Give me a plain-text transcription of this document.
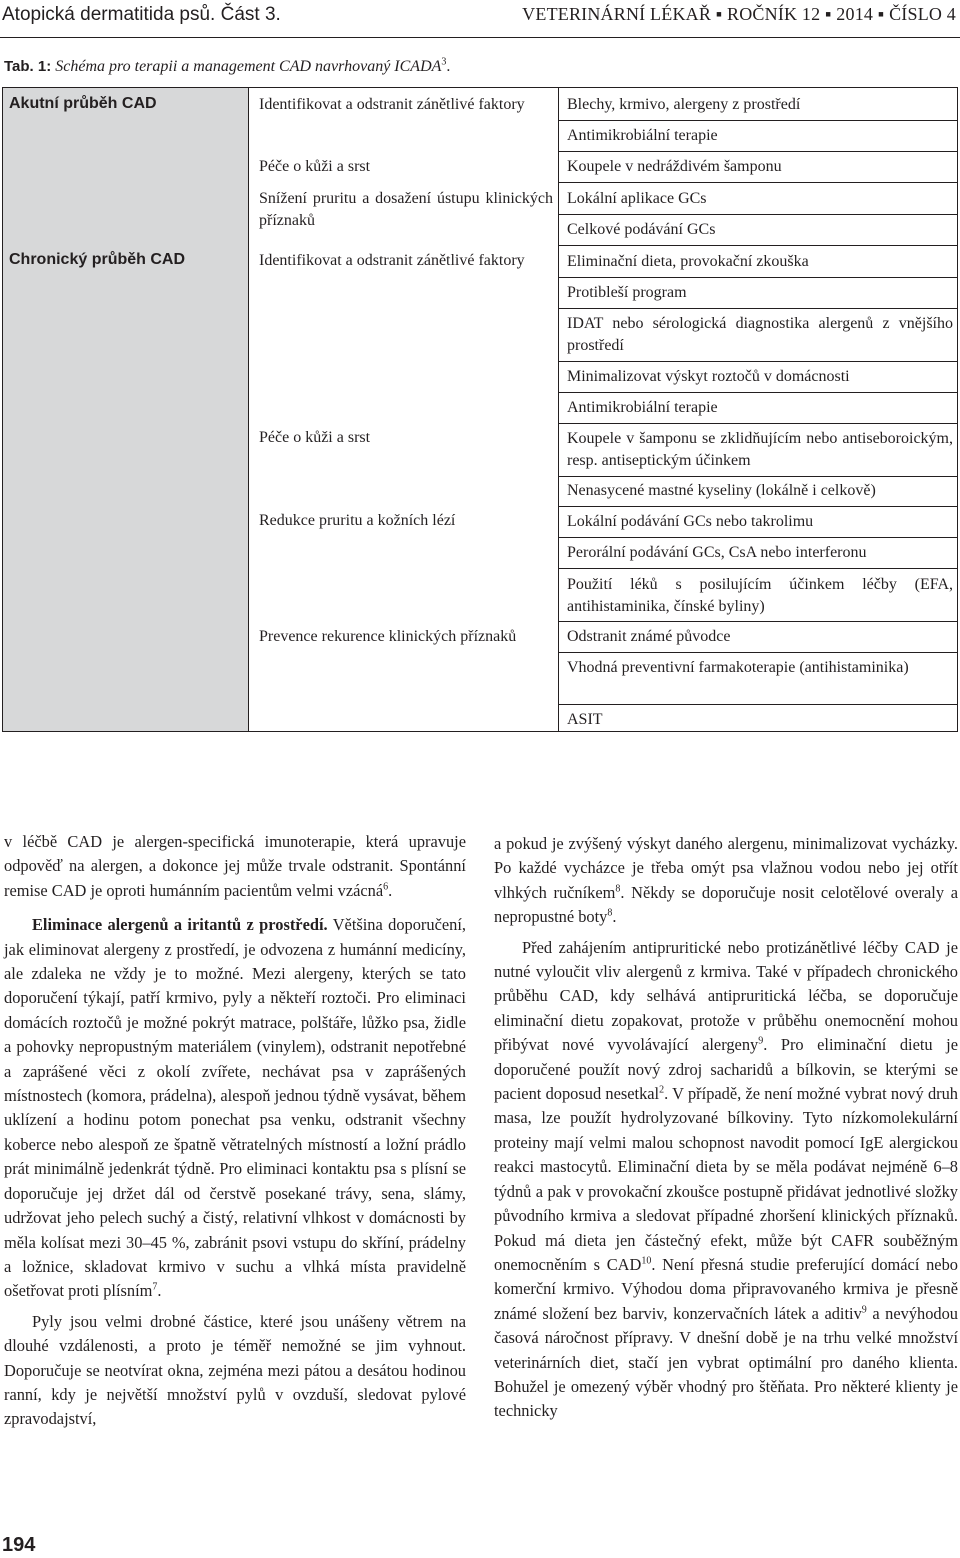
Atopická dermatitida psů. Část 3.	VETERINÁRNÍ LÉKAŘ ▪ ROČNÍK 12 ▪ 2014 ▪ ČÍSLO 4
Tab. 1: Schéma pro terapii a management CAD navrhovaný ICADA$^3$.
Akutní průběh CAD
Chronický průběh CAD
Identifikovat a odstranit zánětlivé faktory
Péče o kůži a srst
Snížení pruritu a dosažení ústupu klinických příznaků
Identifikovat a odstranit zánětlivé faktory
Péče o kůži a srst
Redukce pruritu a kožních lézí
Prevence rekurence klinických příznaků
Blechy, krmivo, alergeny z prostředí
Antimikrobiální terapie
Koupele v nedráždivém šamponu
Lokální aplikace GCs
Celkové podávání GCs
Eliminační dieta, provokační zkouška
Protibleší program
IDAT nebo sérologická diagnostika alergenů z vnějšího prostředí
Minimalizovat výskyt roztočů v domácnosti
Antimikrobiální terapie
Koupele v šamponu se zklidňujícím nebo antiseboroickým, resp. antiseptickým účinkem
Nenasycené mastné kyseliny (lokálně i celkově)
Lokální podávání GCs nebo takrolimu
Perorální podávání GCs, CsA nebo interferonu
Použití léků s posilujícím účinkem léčby (EFA, antihistaminika, čínské byliny)
Odstranit známé původce
Vhodná preventivní farmakoterapie (antihistaminika)
ASIT

v léčbě CAD je alergen-specifická imunoterapie, která upravuje odpověď na alergen, a dokonce jej může trvale odstranit. Spontánní remise CAD je oproti humánním pacientům velmi vzácná$^6$.

Eliminace alergenů a iritantů z prostředí. Většina doporučení, jak eliminovat alergeny z prostředí, je odvozena z humánní medicíny, ale zdaleka ne vždy je to možné. Mezi alergeny, kterých se tato doporučení týkají, patří krmivo, pyly a někteří roztoči. Pro eliminaci domácích roztočů je možné pokrýt matrace, polštáře, lůžko psa, židle a pohovky nepropustným materiálem (vinylem), odstranit nepotřebné a zaprášené věci z okolí zvířete, nechávat psa v zaprášených místnostech (komora, prádelna), alespoň jednou týdně vysávat, během uklízení a hodinu potom ponechat psa venku, odstranit všechny koberce nebo alespoň ze špatně větratelných místností a ložní prádlo prát minimálně jedenkrát týdně. Pro eliminaci kontaktu psa s plísní se doporučuje jej držet dál od čerstvě posekané trávy, sena, slámy, udržovat jeho pelech suchý a čistý, relativní vlhkost v domácnosti by měla kolísat mezi 30–45 %, zabránit psovi vstupu do skříní, prádelny a ložnice, skladovat krmivo v suchu a vlhká místa pravidelně ošetřovat proti plísním$^7$.

Pyly jsou velmi drobné částice, které jsou unášeny větrem na dlouhé vzdálenosti, a proto je téměř nemožné se jim vyhnout. Doporučuje se neotvírat okna, zejména mezi pátou a desátou hodinou ranní, kdy je největší množství pylů v ovzduší, sledovat pylové zpravodajství,

a pokud je zvýšený výskyt daného alergenu, minimalizovat vycházky. Po každé vycházce je třeba omýt psa vlažnou vodou nebo jej otřít vlhkých ručníkem$^8$. Někdy se doporučuje nosit celotělové overaly a nepropustné boty$^8$.

Před zahájením antipruritické nebo protizánětlivé léčby CAD je nutné vyloučit vliv alergenů z krmiva. Také v případech chronického průběhu CAD, kdy selhává antipruritická léčba, se doporučuje eliminační dietu zopakovat, protože v průběhu onemocnění mohou přibývat nové vyvolávající alergeny$^9$. Pro eliminační dietu je doporučené použít nový zdroj sacharidů a bílkovin, se kterými se pacient doposud nesetkal$^2$. V případě, že není možné vybrat nový druh masa, lze použít hydrolyzované bílkoviny. Tyto nízkomolekulární proteiny mají velmi malou schopnost navodit pomocí IgE alergickou reakci mastocytů. Eliminační dieta by se měla podávat nejméně 6–8 týdnů a pak v provokační zkoušce postupně přidávat jednotlivé složky původního krmiva a sledovat případné zhoršení klinických příznaků. Pokud má dieta jen částečný efekt, může být CAFR souběžným onemocněním s CAD$^{10}$. Není přesná studie preferující domácí nebo komerční krmivo. Výhodou doma připravovaného krmiva je přesně známé složení bez barviv, konzervačních látek a aditiv$^9$ a nevýhodou časová náročnost přípravy. V dnešní době je na trhu velké množství veterinárních diet, stačí jen vybrat optimální pro daného klienta. Bohužel je omezený výběr vhodný pro štěňata. Pro některé klienty je technicky

194
